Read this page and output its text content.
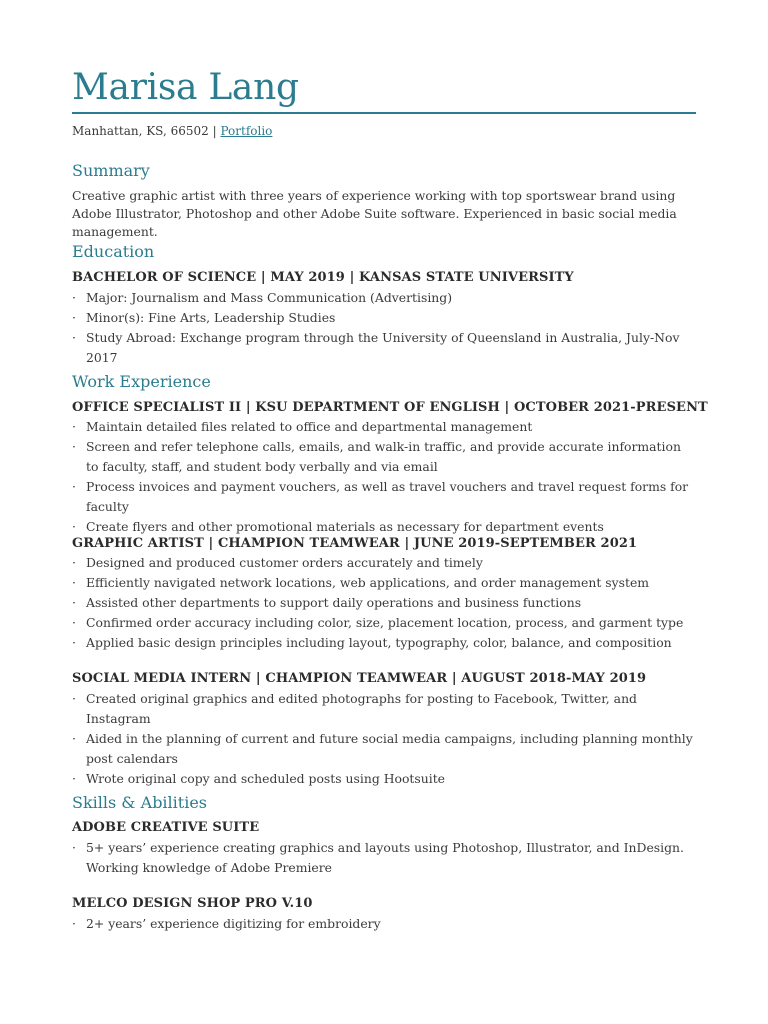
Marisa Lang
Manhattan, KS, 66502 | Portfolio
Summary
Creative graphic artist with three years of experience working with top sportswear brand using Adobe Illustrator, Photoshop and other Adobe Suite software. Experienced in basic social media management.
Education
BACHELOR OF SCIENCE | MAY 2019 | KANSAS STATE UNIVERSITY
· Major: Journalism and Mass Communication (Advertising)
· Minor(s): Fine Arts, Leadership Studies
· Study Abroad: Exchange program through the University of Queensland in Australia, July-Nov 2017
Work Experience
OFFICE SPECIALIST II | KSU DEPARTMENT OF ENGLISH | OCTOBER 2021-PRESENT
· Maintain detailed files related to office and departmental management
· Screen and refer telephone calls, emails, and walk-in traffic, and provide accurate information to faculty, staff, and student body verbally and via email
· Process invoices and payment vouchers, as well as travel vouchers and travel request forms for faculty
· Create flyers and other promotional materials as necessary for department events
GRAPHIC ARTIST | CHAMPION TEAMWEAR | JUNE 2019-SEPTEMBER 2021
· Designed and produced customer orders accurately and timely
· Efficiently navigated network locations, web applications, and order management system
· Assisted other departments to support daily operations and business functions
· Confirmed order accuracy including color, size, placement location, process, and garment type
· Applied basic design principles including layout, typography, color, balance, and composition
SOCIAL MEDIA INTERN | CHAMPION TEAMWEAR | AUGUST 2018-MAY 2019
· Created original graphics and edited photographs for posting to Facebook, Twitter, and Instagram
· Aided in the planning of current and future social media campaigns, including planning monthly post calendars
· Wrote original copy and scheduled posts using Hootsuite
Skills & Abilities
ADOBE CREATIVE SUITE
· 5+ years’ experience creating graphics and layouts using Photoshop, Illustrator, and InDesign. Working knowledge of Adobe Premiere
MELCO DESIGN SHOP PRO V.10
· 2+ years’ experience digitizing for embroidery
